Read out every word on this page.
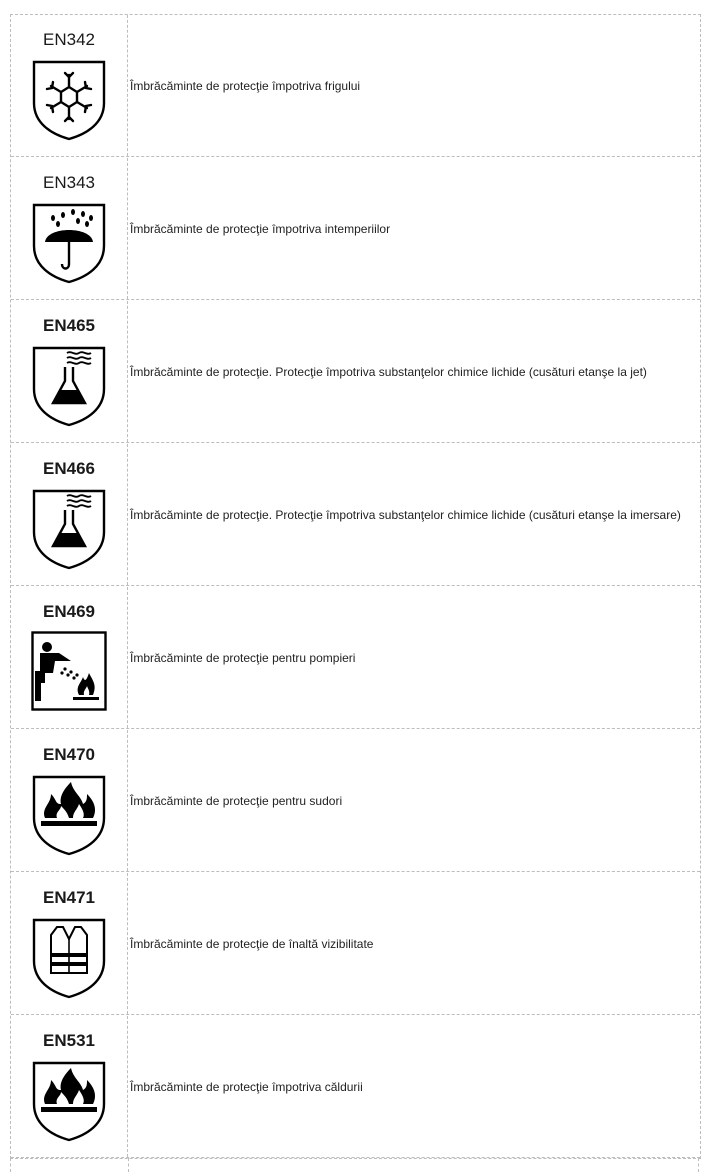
EN342
Îmbrăcăminte de protecţie împotriva frigului
EN343
Îmbrăcăminte de protecţie împotriva intemperiilor
EN465
Îmbrăcăminte de protecţie. Protecţie împotriva substanţelor chimice lichide (cusături etanşe la jet)
EN466
Îmbrăcăminte de protecţie. Protecţie împotriva substanţelor chimice lichide (cusături etanşe la imersare)
EN469
Îmbrăcăminte de protecţie pentru pompieri
EN470
Îmbrăcăminte de protecţie pentru sudori
EN471
Îmbrăcăminte de protecţie de înaltă vizibilitate
EN531
Îmbrăcăminte de protecţie împotriva căldurii
